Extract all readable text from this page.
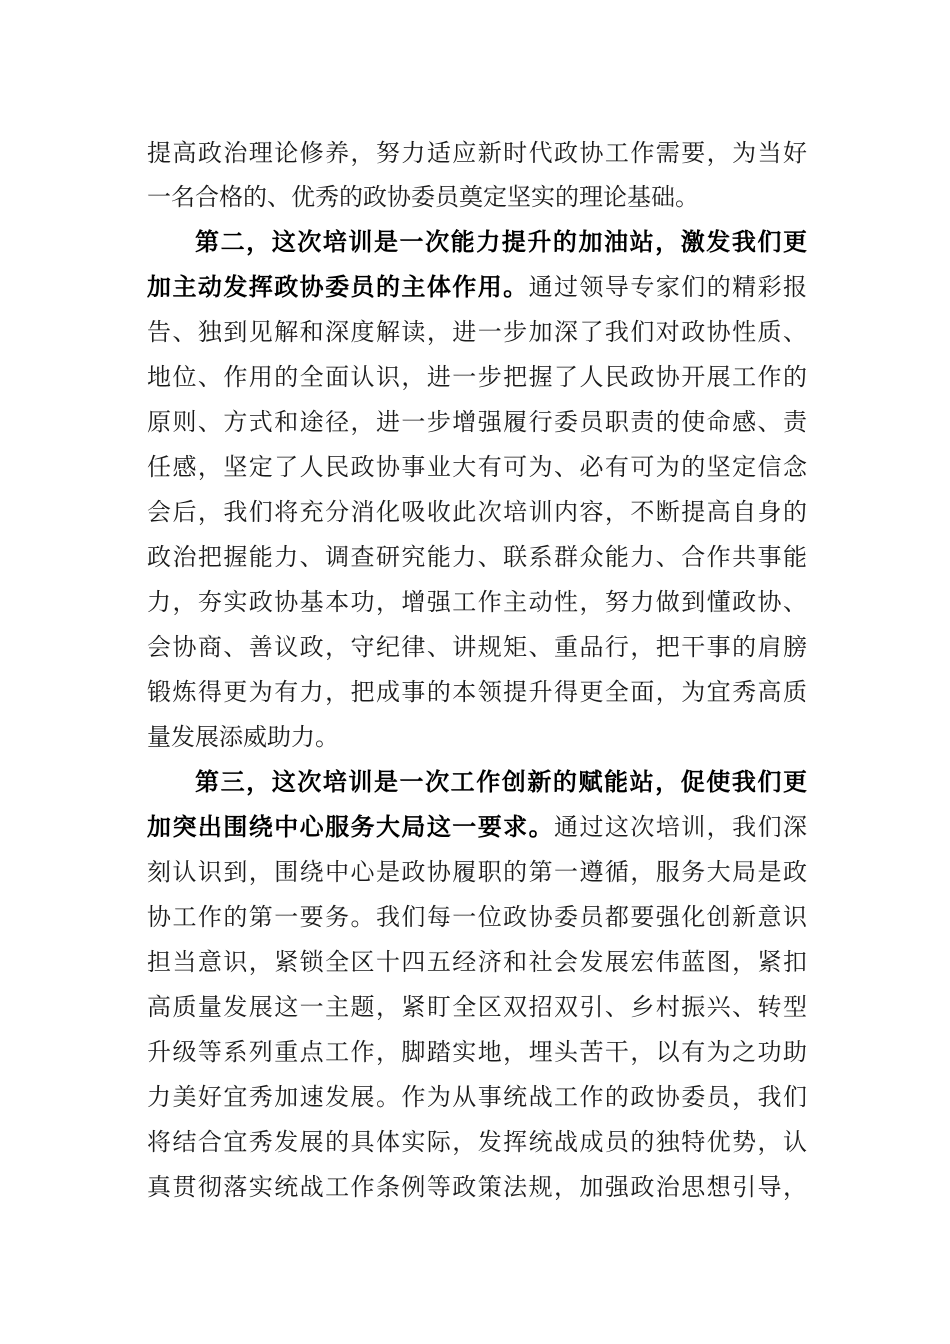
提高政治理论修养，努力适应新时代政协工作需要，为当好
一名合格的、优秀的政协委员奠定坚实的理论基础。
第二，这次培训是一次能力提升的加油站，激发我们更
加主动发挥政协委员的主体作用。通过领导专家们的精彩报
告、独到见解和深度解读，进一步加深了我们对政协性质、
地位、作用的全面认识，进一步把握了人民政协开展工作的
原则、方式和途径，进一步增强履行委员职责的使命感、责
任感，坚定了人民政协事业大有可为、必有可为的坚定信念
会后，我们将充分消化吸收此次培训内容，不断提高自身的
政治把握能力、调查研究能力、联系群众能力、合作共事能
力，夯实政协基本功，增强工作主动性，努力做到懂政协、
会协商、善议政，守纪律、讲规矩、重品行，把干事的肩膀
锻炼得更为有力，把成事的本领提升得更全面，为宜秀高质
量发展添威助力。
第三，这次培训是一次工作创新的赋能站，促使我们更
加突出围绕中心服务大局这一要求。通过这次培训，我们深
刻认识到，围绕中心是政协履职的第一遵循，服务大局是政
协工作的第一要务。我们每一位政协委员都要强化创新意识
担当意识，紧锁全区十四五经济和社会发展宏伟蓝图，紧扣
高质量发展这一主题，紧盯全区双招双引、乡村振兴、转型
升级等系列重点工作，脚踏实地，埋头苦干，以有为之功助
力美好宜秀加速发展。作为从事统战工作的政协委员，我们
将结合宜秀发展的具体实际，发挥统战成员的独特优势，认
真贯彻落实统战工作条例等政策法规，加强政治思想引导，
